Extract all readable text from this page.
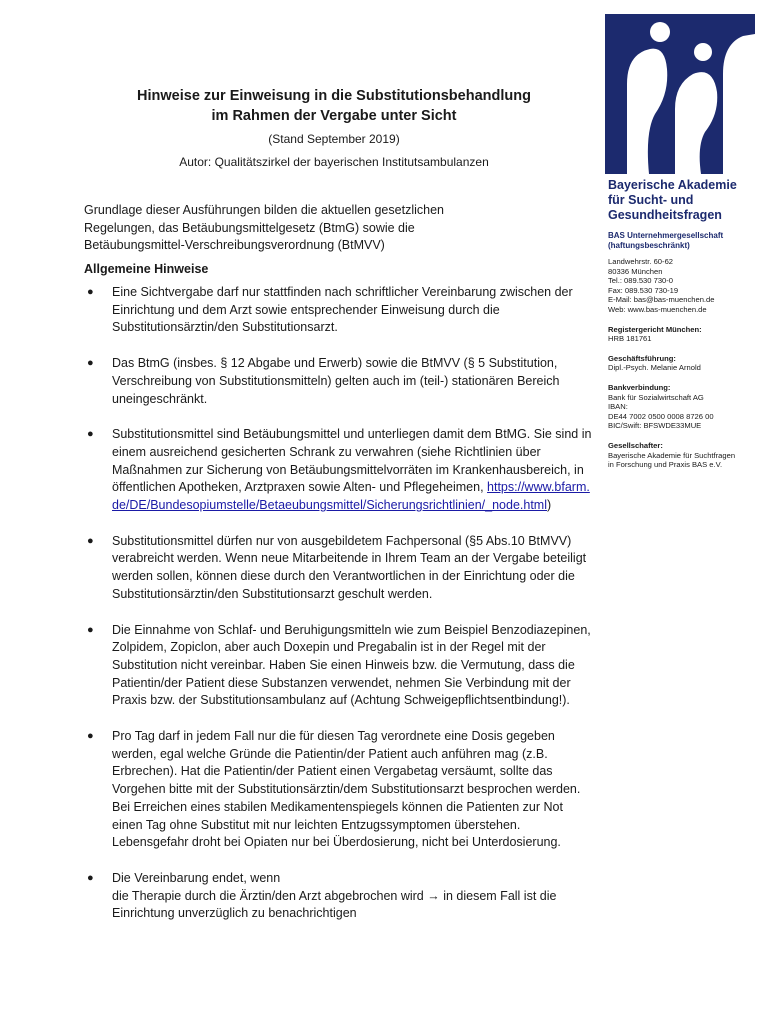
Bayerische Akademie
für Sucht- und
Gesundheitsfragen
BAS Unternehmergesellschaft
(haftungsbeschränkt)
Landwehrstr. 60-62
80336 München
Tel.: 089.530 730-0
Fax: 089.530 730-19
E-Mail: bas@bas-muenchen.de
Web: www.bas-muenchen.de
Registergericht München:
HRB 181761
Geschäftsführung:
Dipl.-Psych. Melanie Arnold
Bankverbindung:
Bank für Sozialwirtschaft AG
IBAN:
DE44 7002 0500 0008 8726 00
BIC/Swift: BFSWDE33MUE
Gesellschafter:
Bayerische Akademie für Suchtfragen
in Forschung und Praxis BAS e.V.
Hinweise zur Einweisung in die Substitutionsbehandlung
im Rahmen der Vergabe unter Sicht
(Stand September 2019)
Autor: Qualitätszirkel der bayerischen Institutsambulanzen
Grundlage dieser Ausführungen bilden die aktuellen gesetzlichen Regelungen, das Betäubungsmittelgesetz (BtmG) sowie die Betäubungsmittel-Verschreibungsverordnung (BtMVV)
Allgemeine Hinweise
● Eine Sichtvergabe darf nur stattfinden nach schriftlicher Vereinbarung zwischen der Einrichtung und dem Arzt sowie entsprechender Einweisung durch die Substitutionsärztin/den Substitutionsarzt.
● Das BtmG (insbes. § 12 Abgabe und Erwerb) sowie die BtMVV (§ 5 Substitution, Verschreibung von Substitutionsmitteln) gelten auch im (teil-) stationären Bereich uneingeschränkt.
● Substitutionsmittel sind Betäubungsmittel und unterliegen damit dem BtMG. Sie sind in einem ausreichend gesicherten Schrank zu verwahren (siehe Richtlinien über Maßnahmen zur Sicherung von Betäubungsmittelvorräten im Krankenhausbereich, in öffentlichen Apotheken, Arztpraxen sowie Alten- und Pflegeheimen, https://www.bfarm.de/DE/Bundesopiumstelle/Betaeubungsmittel/Sicherungsrichtlinien/_node.html)
● Substitutionsmittel dürfen nur von ausgebildetem Fachpersonal (§5 Abs.10 BtMVV) verabreicht werden. Wenn neue Mitarbeitende in Ihrem Team an der Vergabe beteiligt werden sollen, können diese durch den Verantwortlichen in der Einrichtung oder die Substitutionsärztin/den Substitutionsarzt geschult werden.
● Die Einnahme von Schlaf- und Beruhigungsmitteln wie zum Beispiel Benzodiazepinen, Zolpidem, Zopiclon, aber auch Doxepin und Pregabalin ist in der Regel mit der Substitution nicht vereinbar. Haben Sie einen Hinweis bzw. die Vermutung, dass die Patientin/der Patient diese Substanzen verwendet, nehmen Sie Verbindung mit der Praxis bzw. der Substitutionsambulanz auf (Achtung Schweigepflichtsentbindung!).
● Pro Tag darf in jedem Fall nur die für diesen Tag verordnete eine Dosis gegeben werden, egal welche Gründe die Patientin/der Patient auch anführen mag (z.B. Erbrechen). Hat die Patientin/der Patient einen Vergabetag versäumt, sollte das Vorgehen bitte mit der Substitutionsärztin/dem Substitutionsarzt besprochen werden. Bei Erreichen eines stabilen Medikamentenspiegels können die Patienten zur Not einen Tag ohne Substitut mit nur leichten Entzugssymptomen überstehen. Lebensgefahr droht bei Opiaten nur bei Überdosierung, nicht bei Unterdosierung.
● Die Vereinbarung endet, wenn
die Therapie durch die Ärztin/den Arzt abgebrochen wird → in diesem Fall ist die Einrichtung unverzüglich zu benachrichtigen
